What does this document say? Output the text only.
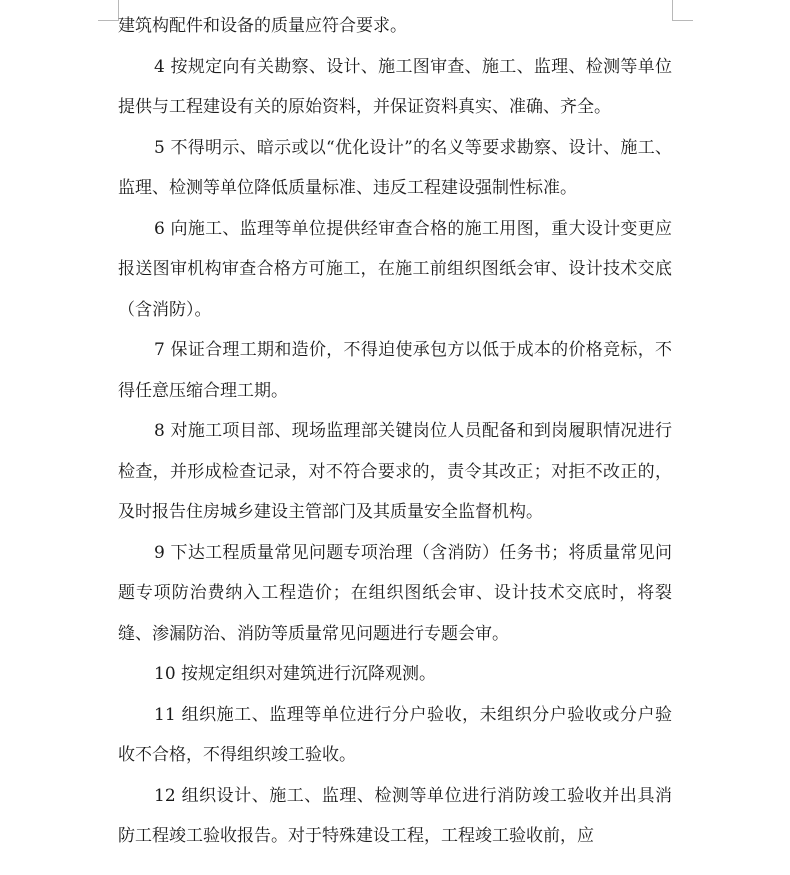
建筑构配件和设备的质量应符合要求。

4 按规定向有关勘察、设计、施工图审查、施工、监理、检测等单位提供与工程建设有关的原始资料，并保证资料真实、准确、齐全。

5 不得明示、暗示或以“优化设计”的名义等要求勘察、设计、施工、监理、检测等单位降低质量标准、违反工程建设强制性标准。

6 向施工、监理等单位提供经审查合格的施工用图，重大设计变更应报送图审机构审查合格方可施工，在施工前组织图纸会审、设计技术交底（含消防）。

7 保证合理工期和造价，不得迫使承包方以低于成本的价格竞标，不得任意压缩合理工期。

8 对施工项目部、现场监理部关键岗位人员配备和到岗履职情况进行检查，并形成检查记录，对不符合要求的，责令其改正；对拒不改正的，及时报告住房城乡建设主管部门及其质量安全监督机构。

9 下达工程质量常见问题专项治理（含消防）任务书；将质量常见问题专项防治费纳入工程造价；在组织图纸会审、设计技术交底时，将裂缝、渗漏防治、消防等质量常见问题进行专题会审。

10 按规定组织对建筑进行沉降观测。

11 组织施工、监理等单位进行分户验收，未组织分户验收或分户验收不合格，不得组织竣工验收。

12 组织设计、施工、监理、检测等单位进行消防竣工验收并出具消防工程竣工验收报告。对于特殊建设工程，工程竣工验收前，应
